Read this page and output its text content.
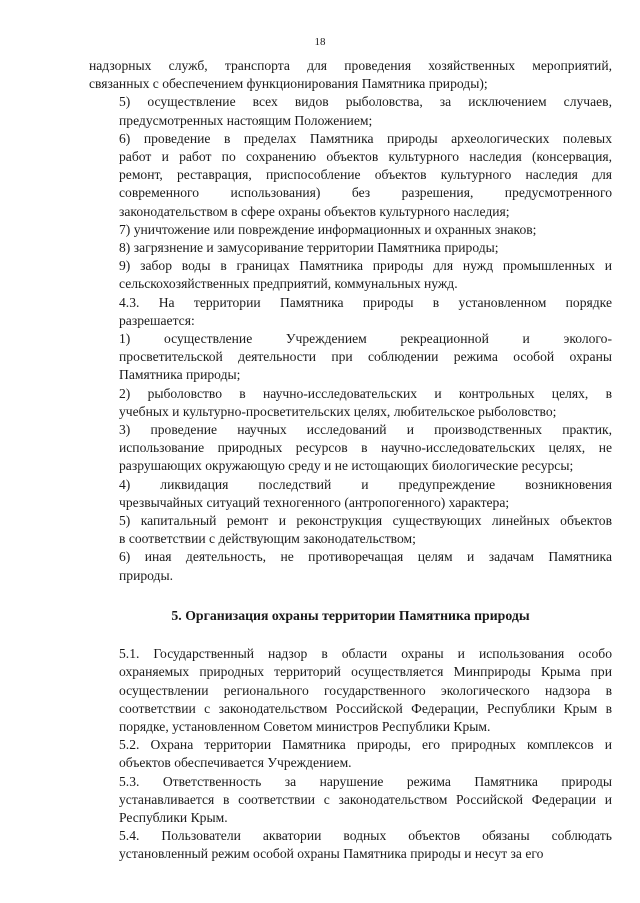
18
надзорных служб, транспорта для проведения хозяйственных мероприятий,
связанных с обеспечением функционирования Памятника природы);
5) осуществление всех видов рыболовства, за исключением случаев,
предусмотренных настоящим Положением;
6) проведение в пределах Памятника природы археологических полевых
работ и работ по сохранению объектов культурного наследия (консервация,
ремонт, реставрация, приспособление объектов культурного наследия для
современного использования) без разрешения, предусмотренного
законодательством в сфере охраны объектов культурного наследия;
7) уничтожение или повреждение информационных и охранных знаков;
8) загрязнение и замусоривание территории Памятника природы;
9) забор воды в границах Памятника природы для нужд промышленных и
сельскохозяйственных предприятий, коммунальных нужд.
4.3. На территории Памятника природы в установленном порядке
разрешается:
1) осуществление Учреждением рекреационной и эколого-
просветительской деятельности при соблюдении режима особой охраны
Памятника природы;
2) рыболовство в научно-исследовательских и контрольных целях, в
учебных и культурно-просветительских целях, любительское рыболовство;
3) проведение научных исследований и производственных практик,
использование природных ресурсов в научно-исследовательских целях, не
разрушающих окружающую среду и не истощающих биологические ресурсы;
4) ликвидация последствий и предупреждение возникновения
чрезвычайных ситуаций техногенного (антропогенного) характера;
5) капитальный ремонт и реконструкция существующих линейных объектов
в соответствии с действующим законодательством;
6) иная деятельность, не противоречащая целям и задачам Памятника
природы.
5. Организация охраны территории Памятника природы
5.1. Государственный надзор в области охраны и использования особо
охраняемых природных территорий осуществляется Минприроды Крыма при
осуществлении регионального государственного экологического надзора в
соответствии с законодательством Российской Федерации, Республики Крым в
порядке, установленном Советом министров Республики Крым.
5.2. Охрана территории Памятника природы, его природных комплексов и
объектов обеспечивается Учреждением.
5.3. Ответственность за нарушение режима Памятника природы
устанавливается в соответствии с законодательством Российской Федерации и
Республики Крым.
5.4. Пользователи акватории водных объектов обязаны соблюдать
установленный режим особой охраны Памятника природы и несут за его
